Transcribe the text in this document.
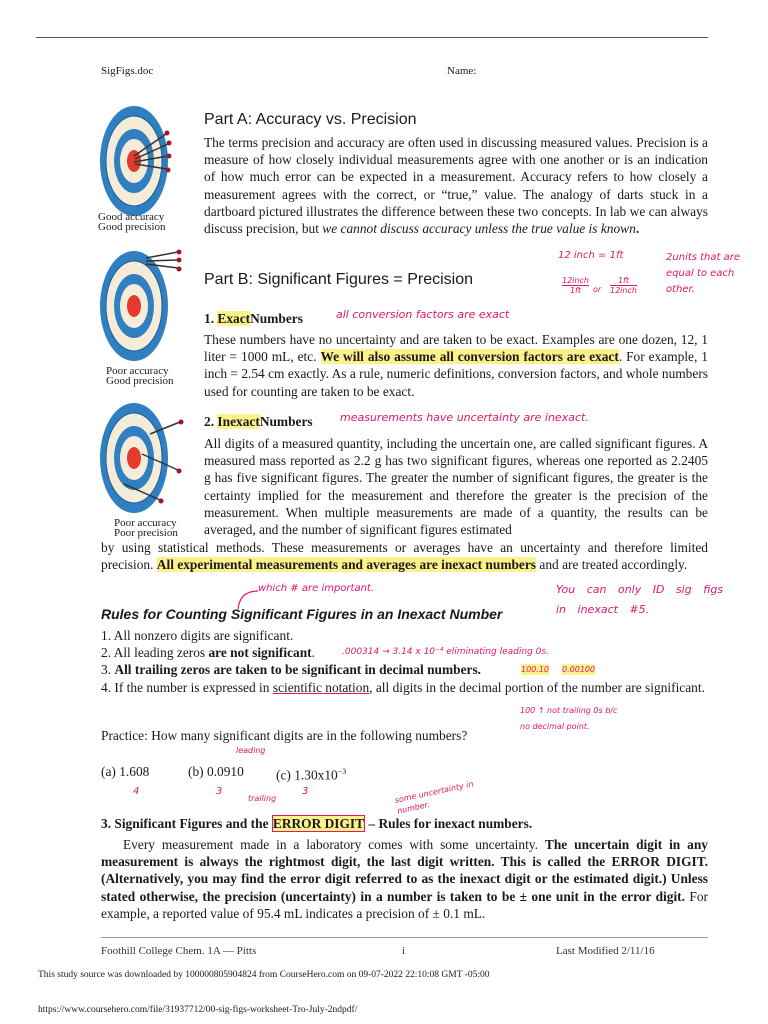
SigFigs.doc	Name:
Good accuracy
Good precision
Poor accuracy
Good precision
Poor accuracy
Poor precision
Part A: Accuracy vs. Precision
The terms precision and accuracy are often used in discussing measured values. Precision is a measure of how closely individual measurements agree with one another or is an indication of how much error can be expected in a measurement. Accuracy refers to how closely a measurement agrees with the correct, or “true,” value. The analogy of darts stuck in a dartboard pictured illustrates the difference between these two concepts. In lab we can always discuss precision, but we cannot discuss accuracy unless the true value is known.
Part B: Significant Figures = Precision
12 inch = 1ft
12inch
1ft	or
1ft
12inch
2units that are equal to each other.
1. ExactNumbers	all conversion factors are exact
These numbers have no uncertainty and are taken to be exact. Examples are one dozen, 12, 1 liter = 1000 mL, etc. We will also assume all conversion factors are exact. For example, 1 inch = 2.54 cm exactly. As a rule, numeric definitions, conversion factors, and whole numbers used for counting are taken to be exact.
2. InexactNumbers measurements have uncertainty are inexact.
All digits of a measured quantity, including the uncertain one, are called significant figures. A measured mass reported as 2.2 g has two significant figures, whereas one reported as 2.2405 g has five significant figures. The greater the number of significant figures, the greater is the certainty implied for the measurement and therefore the greater is the precision of the measurement. When multiple measurements are made of a quantity, the results can be averaged, and the number of significant figures estimated
by using statistical methods. These measurements or averages have an uncertainty and therefore limited precision. All experimental measurements and averages are inexact numbers and are treated accordingly.
which # are important.	You can only ID sig figs in inexact #5.
Rules for Counting Significant Figures in an Inexact Number
1. All nonzero digits are significant.
2. All leading zeros are not significant.	.000314 → 3.14 x 10⁻⁴ eliminating leading 0s.
3. All trailing zeros are taken to be significant in decimal numbers.	100.10 0.00100
4. If the number is expressed in scientific notation, all digits in the decimal portion of the number are significant.
100 ↑ not trailing 0s b/c no decimal point.
Practice: How many significant digits are in the following numbers?
leading
(a) 1.608	(b) 0.0910 (c) $1.30x10^{-3}$
4	3
trailing
3	some uncertainty in number.
3. Significant Figures and the ERROR DIGIT – Rules for inexact numbers.
Every measurement made in a laboratory comes with some uncertainty. The uncertain digit in any measurement is always the rightmost digit, the last digit written. This is called the ERROR DIGIT. (Alternatively, you may find the error digit referred to as the inexact digit or the estimated digit.) Unless stated otherwise, the precision (uncertainty) in a number is taken to be ± one unit in the error digit. For example, a reported value of 95.4 mL indicates a precision of ± 0.1 mL.
Foothill College Chem. 1A — Pitts	i	Last Modified 2/11/16
This study source was downloaded by 100000805904824 from CourseHero.com on 09-07-2022 22:10:08 GMT -05:00
https://www.coursehero.com/file/31937712/00-sig-figs-worksheet-Tro-July-2ndpdf/
